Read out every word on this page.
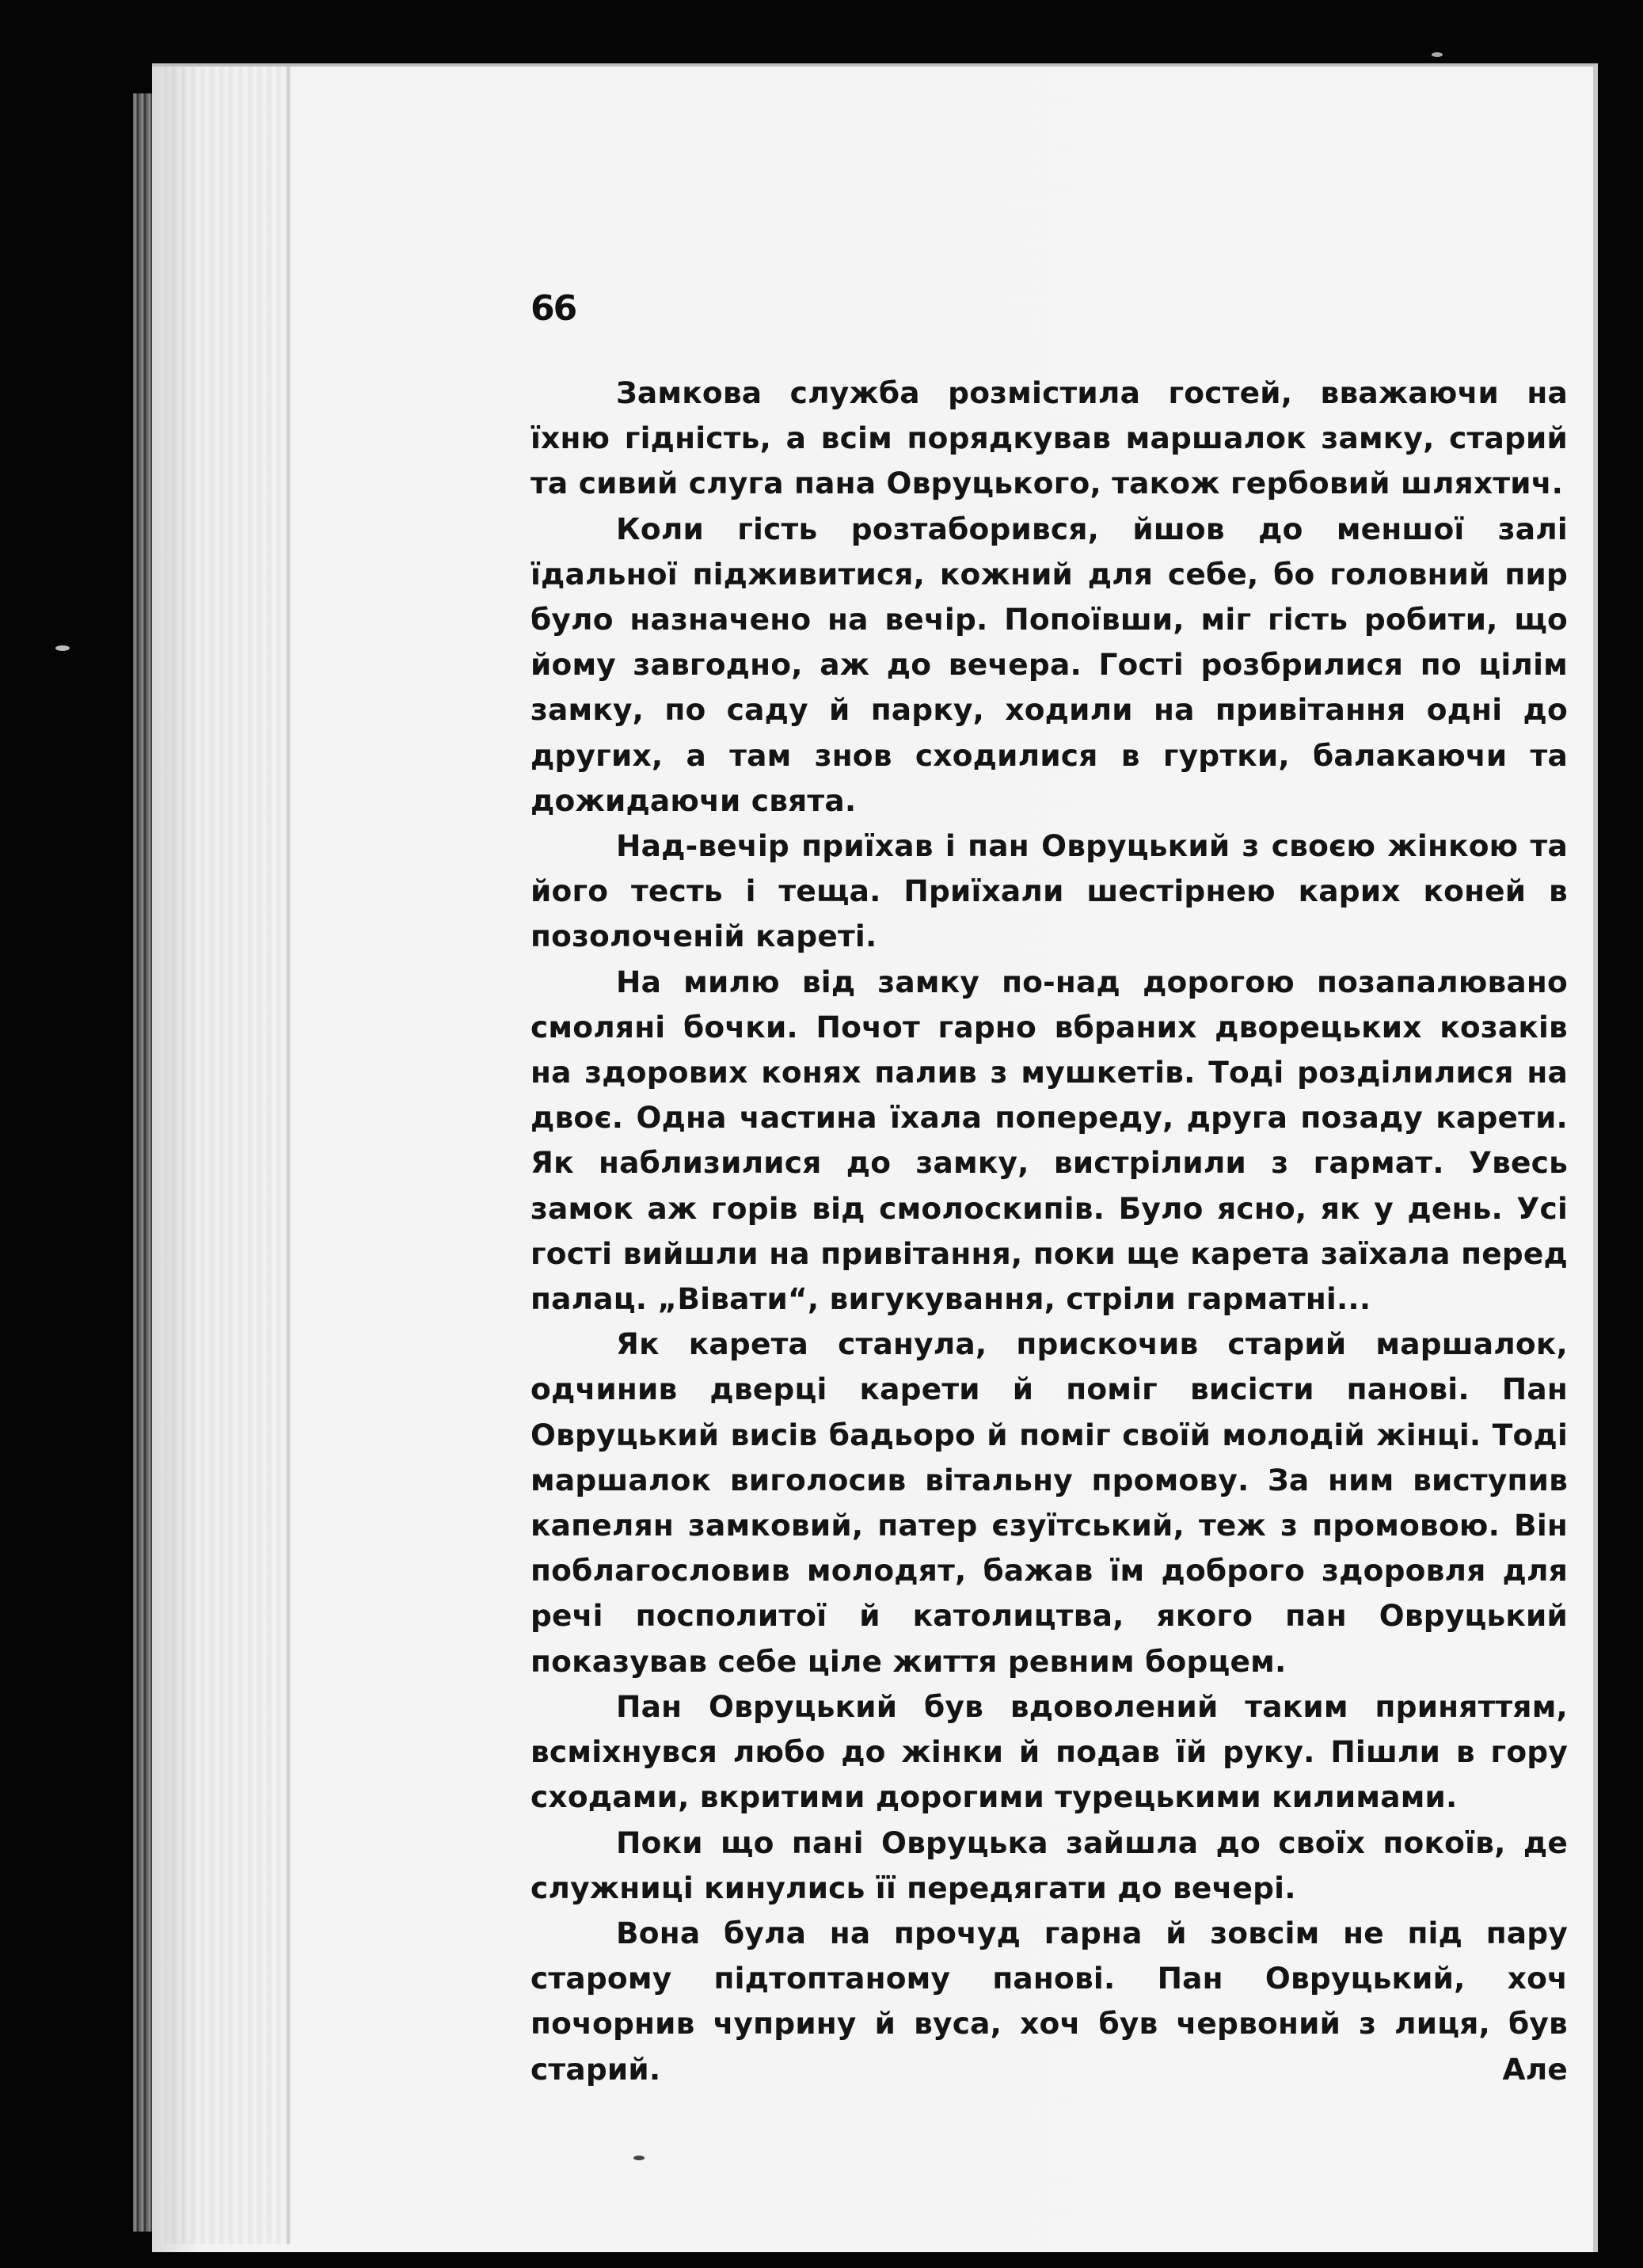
66

Замкова служба розмістила гостей, вважаючи на їхню гідність, а всім порядкував маршалок замку, старий та сивий слуга пана Овруцького, також гербовий шляхтич.

Коли гість розтаборився, йшов до меншої залі їдальної підживитися, кожний для себе, бо головний пир було назначено на вечір. Попоївши, міг гість робити, що йому завгодно, аж до вечера. Гості розбрилися по цілім замку, по саду й парку, ходили на привітання одні до других, а там знов сходилися в гуртки, балакаючи та дожидаючи свята.

Над-вечір приїхав і пан Овруцький з своєю жінкою та його тесть і теща. Приїхали шестірнею карих коней в позолоченій кареті.

На милю від замку по-над дорогою позапалювано смоляні бочки. Почот гарно вбраних дворецьких козаків на здорових конях палив з мушкетів. Тоді розділилися на двоє. Одна частина їхала попереду, друга позаду карети. Як наблизилися до замку, вистрілили з гармат. Увесь замок аж горів від смолоскипів. Було ясно, як у день. Усі гості вийшли на привітання, поки ще карета заїхала перед палац. „Вівати“, вигукування, стріли гарматні...

Як карета станула, прискочив старий маршалок, одчинив дверці карети й поміг висісти панові. Пан Овруцький висів бадьоро й поміг своїй молодій жінці. Тоді маршалок виголосив вітальну промову. За ним виступив капелян замковий, патер єзуїтський, теж з промовою. Він поблагословив молодят, бажав їм доброго здоровля для речі посполитої й католицтва, якого пан Овруцький показував себе ціле життя ревним борцем.

Пан Овруцький був вдоволений таким приняттям, всміхнувся любо до жінки й подав їй руку. Пішли в гору сходами, вкритими дорогими турецькими килимами.

Поки що пані Овруцька зайшла до своїх покоїв, де служниці кинулись її передягати до вечері.

Вона була на прочуд гарна й зовсім не під пару старому підтоптаному панові. Пан Овруцький, хоч почорнив чуприну й вуса, хоч був червоний з лиця, був старий. Але
